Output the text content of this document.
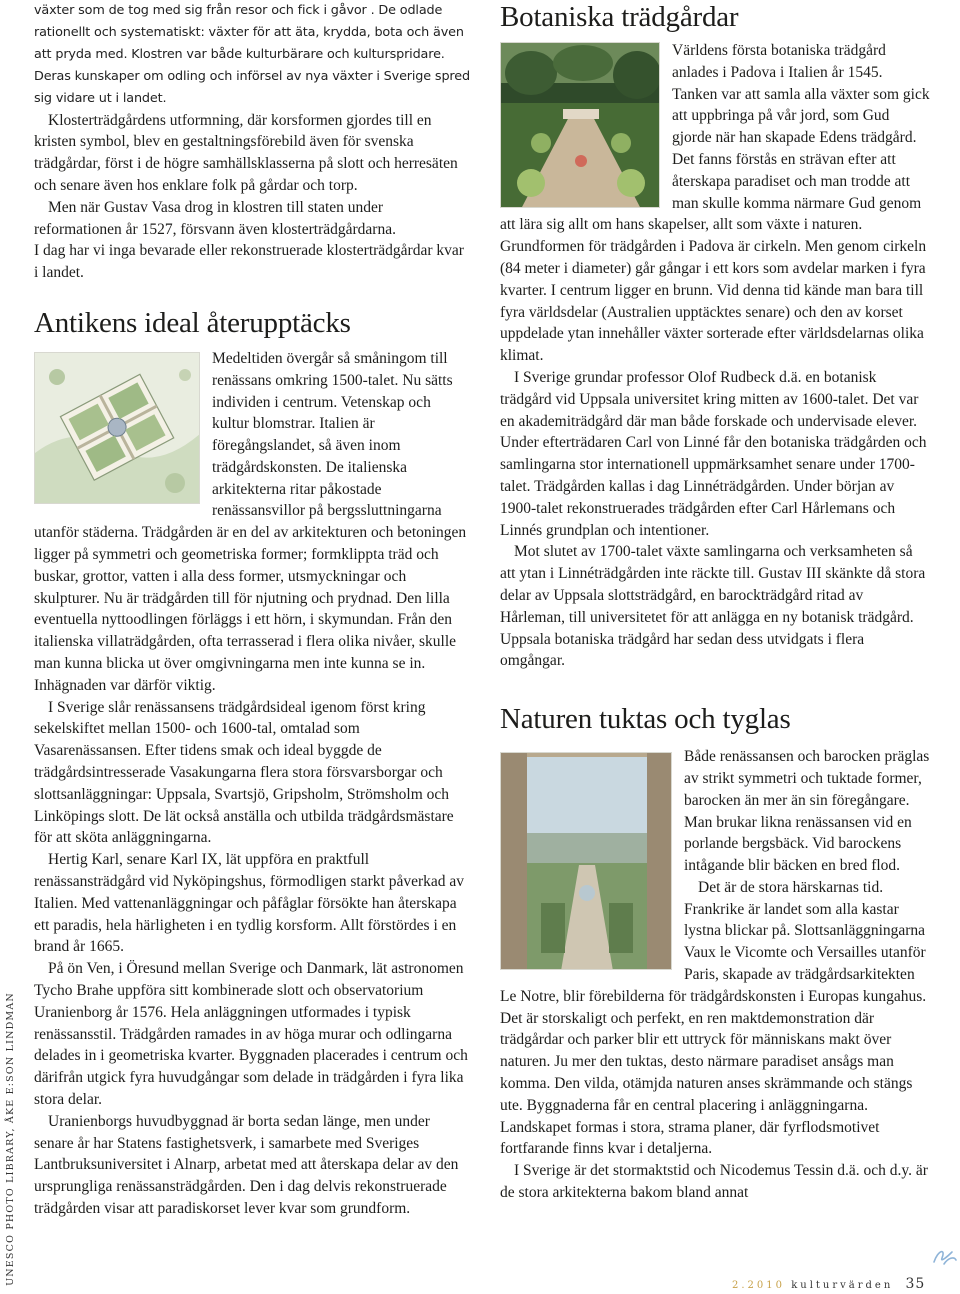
UNESCO PHOTO LIBRARY, ÅKE E:SON LINDMAN

växter som de tog med sig från resor och fick i gåvor . De odlade rationellt och systematiskt: växter för att äta, krydda, bota och även att pryda med. Klostren var både kulturbärare och kulturspridare. Deras kunskaper om odling och införsel av nya växter i Sverige spred sig vidare ut i landet.

Klosterträdgårdens utformning, där korsformen gjordes till en kristen symbol, blev en gestaltningsförebild även för svenska trädgårdar, först i de högre samhällsklasserna på slott och herresäten och senare även hos enklare folk på gårdar och torp.

Men när Gustav Vasa drog in klostren till staten under reformationen år 1527, försvann även klosterträdgårdarna.

I dag har vi inga bevarade eller rekonstruerade klosterträdgårdar kvar i landet.

Antikens ideal återupptäcks

Medeltiden övergår så småningom till renässans omkring 1500-talet. Nu sätts individen i centrum. Vetenskap och kultur blomstrar. Italien är föregångslandet, så även inom trädgårdskonsten. De italienska arkitekterna ritar påkostade renässansvillor på bergssluttningarna utanför städerna. Trädgården är en del av arkitekturen och betoningen ligger på symmetri och geometriska former; formklippta träd och buskar, grottor, vatten i alla dess former, utsmyckningar och skulpturer. Nu är trädgården till för njutning och prydnad. Den lilla eventuella nyttoodlingen förläggs i ett hörn, i skymundan. Från den italienska villaträdgården, ofta terrasserad i flera olika nivåer, skulle man kunna blicka ut över omgivningarna men inte kunna se in. Inhägnaden var därför viktig.

I Sverige slår renässansens trädgårdsideal igenom först kring sekelskiftet mellan 1500- och 1600-tal, omtalad som Vasarenässansen. Efter tidens smak och ideal byggde de trädgårdsintresserade Vasakungarna flera stora försvarsborgar och slottsanläggningar: Uppsala, Svartsjö, Gripsholm, Strömsholm och Linköpings slott. De lät också anställa och utbilda trädgårdsmästare för att sköta anläggningarna.

Hertig Karl, senare Karl IX, lät uppföra en praktfull renässansträdgård vid Nyköpingshus, förmodligen starkt påverkad av Italien. Med vattenanläggningar och påfåglar försökte han återskapa ett paradis, hela härligheten i en tydlig korsform. Allt förstördes i en brand år 1665.

På ön Ven, i Öresund mellan Sverige och Danmark, lät astronomen Tycho Brahe uppföra sitt kombinerade slott och observatorium Uranienborg år 1576. Hela anläggningen utformades i typisk renässansstil. Trädgården ramades in av höga murar och odlingarna delades in i geometriska kvarter. Byggnaden placerades i centrum och därifrån utgick fyra huvudgångar som delade in trädgården i fyra lika stora delar.

Uranienborgs huvudbyggnad är borta sedan länge, men under senare år har Statens fastighetsverk, i samarbete med Sveriges Lantbruksuniversitet i Alnarp, arbetat med att återskapa delar av den ursprungliga renässansträdgården. Den i dag delvis rekonstruerade trädgården visar att paradiskorset lever kvar som grundform.

Botaniska trädgårdar

Världens första botaniska trädgård anlades i Padova i Italien år 1545. Tanken var att samla alla växter som gick att uppbringa på vår jord, som Gud gjorde när han skapade Edens trädgård. Det fanns förstås en strävan efter att återskapa paradiset och man trodde att man skulle komma närmare Gud genom att lära sig allt om hans skapelser, allt som växte i naturen. Grundformen för trädgården i Padova är cirkeln. Men genom cirkeln (84 meter i diameter) går gångar i ett kors som avdelar marken i fyra kvarter. I centrum ligger en brunn. Vid denna tid kände man bara till fyra världsdelar (Australien upptäcktes senare) och den av korset uppdelade ytan innehåller växter sorterade efter världsdelarnas olika klimat.

I Sverige grundar professor Olof Rudbeck d.ä. en botanisk trädgård vid Uppsala universitet kring mitten av 1600-talet. Det var en akademiträdgård där man både forskade och undervisade elever. Under efterträdaren Carl von Linné får den botaniska trädgården och samlingarna stor internationell uppmärksamhet senare under 1700-talet. Trädgården kallas i dag Linnéträdgården. Under början av 1900-talet rekonstruerades trädgården efter Carl Hårlemans och Linnés grundplan och intentioner.

Mot slutet av 1700-talet växte samlingarna och verksamheten så att ytan i Linnéträdgården inte räckte till. Gustav III skänkte då stora delar av Uppsala slottsträdgård, en barockträdgård ritad av Hårleman, till universitetet för att anlägga en ny botanisk trädgård. Uppsala botaniska trädgård har sedan dess utvidgats i flera omgångar.

Naturen tuktas och tyglas

Både renässansen och barocken präglas av strikt symmetri och tuktade former, barocken än mer än sin föregångare. Man brukar likna renässansen vid en porlande bergsbäck. Vid barockens intågande blir bäcken en bred flod.

Det är de stora härskarnas tid. Frankrike är landet som alla kastar lystna blickar på. Slottsanläggningarna Vaux le Vicomte och Versailles utanför Paris, skapade av trädgårdsarkitekten Le Notre, blir förebilderna för trädgårdskonsten i Europas kungahus. Det är storskaligt och perfekt, en ren maktdemonstration där trädgårdar och parker blir ett uttryck för människans makt över naturen. Ju mer den tuktas, desto närmare paradiset ansågs man komma. Den vilda, otämjda naturen anses skrämmande och stängs ute. Byggnaderna får en central placering i anläggningarna. Landskapet formas i stora, strama planer, där fyrflodsmotivet fortfarande finns kvar i detaljerna.

I Sverige är det stormaktstid och Nicodemus Tessin d.ä. och d.y. är de stora arkitekterna bakom bland annat

2.2010 kulturvärden 35
